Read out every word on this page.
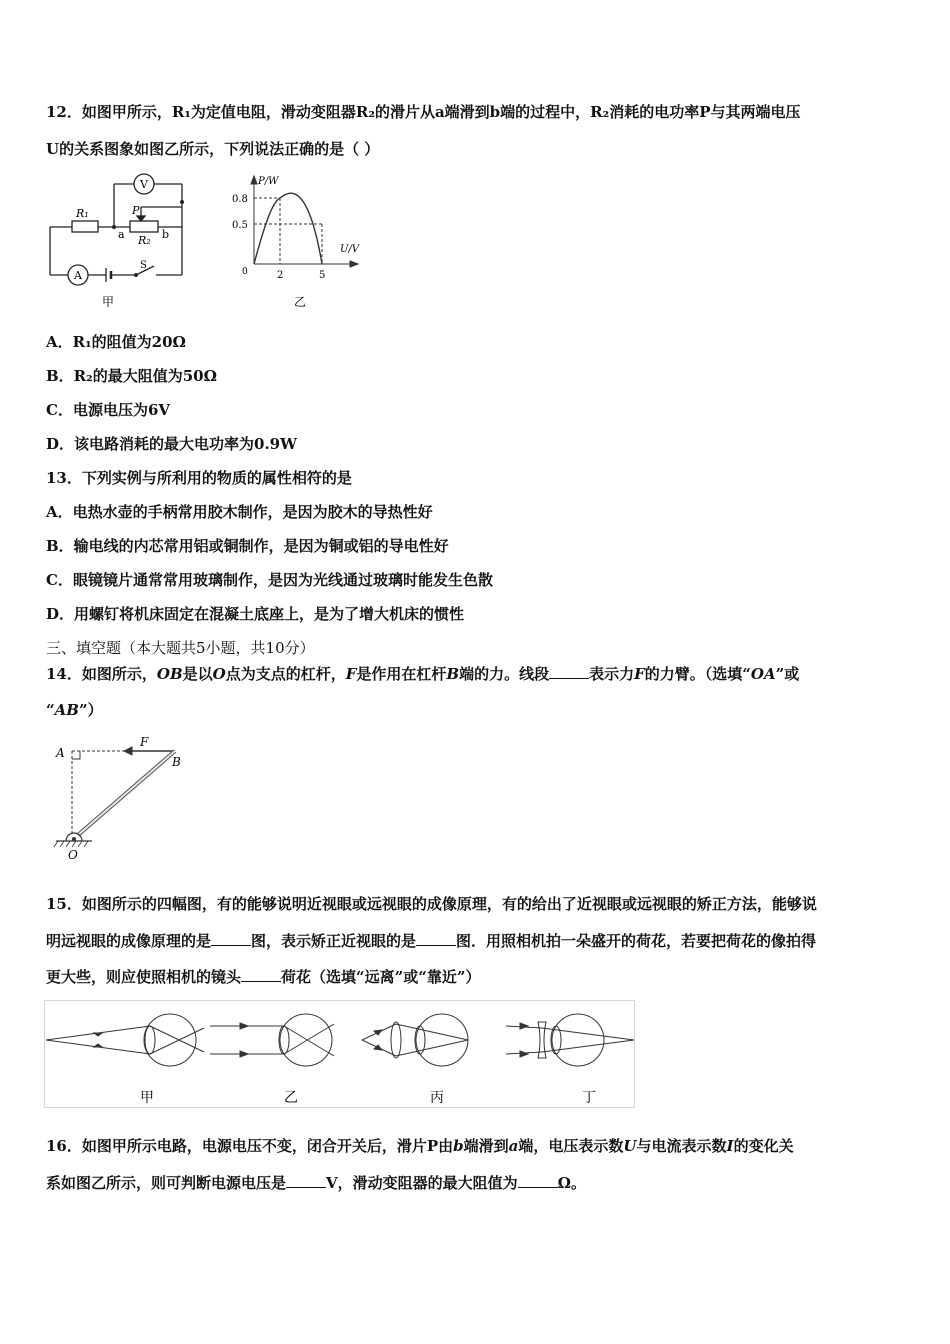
12．如图甲所示，R₁为定值电阻，滑动变阻器R₂的滑片从a端滑到b端的过程中，R₂消耗的电功率P与其两端电压
U的关系图象如图乙所示，下列说法正确的是（ ）
R₁	P
a	b
R₂
V
A
S
甲
P/W
U/V
0.8
0.5
0	2	5
乙
A．R₁的阻值为20Ω
B．R₂的最大阻值为50Ω
C．电源电压为6V
D．该电路消耗的最大电功率为0.9W
13．下列实例与所利用的物质的属性相符的是
A．电热水壶的手柄常用胶木制作，是因为胶木的导热性好
B．输电线的内芯常用铝或铜制作，是因为铜或铝的导电性好
C．眼镜镜片通常常用玻璃制作，是因为光线通过玻璃时能发生色散
D．用螺钉将机床固定在混凝土底座上，是为了增大机床的惯性
三、填空题（本大题共5小题，共10分）
14．如图所示，OB是以O点为支点的杠杆，F是作用在杠杆B端的力。线段	表示力F的力臂。（选填“OA”或
“AB”）
A
F
B
O
15．如图所示的四幅图，有的能够说明近视眼或远视眼的成像原理，有的给出了近视眼或远视眼的矫正方法，能够说
明远视眼的成像原理的是	图，表示矫正近视眼的是	图．用照相机拍一朵盛开的荷花，若要把荷花的像拍得
更大些，则应使照相机的镜头	荷花（选填“远离”或“靠近”）
甲	乙	丙	丁
16．如图甲所示电路，电源电压不变，闭合开关后，滑片P由b端滑到a端，电压表示数U与电流表示数I的变化关
系如图乙所示，则可判断电源电压是	V，滑动变阻器的最大阻值为	Ω。
